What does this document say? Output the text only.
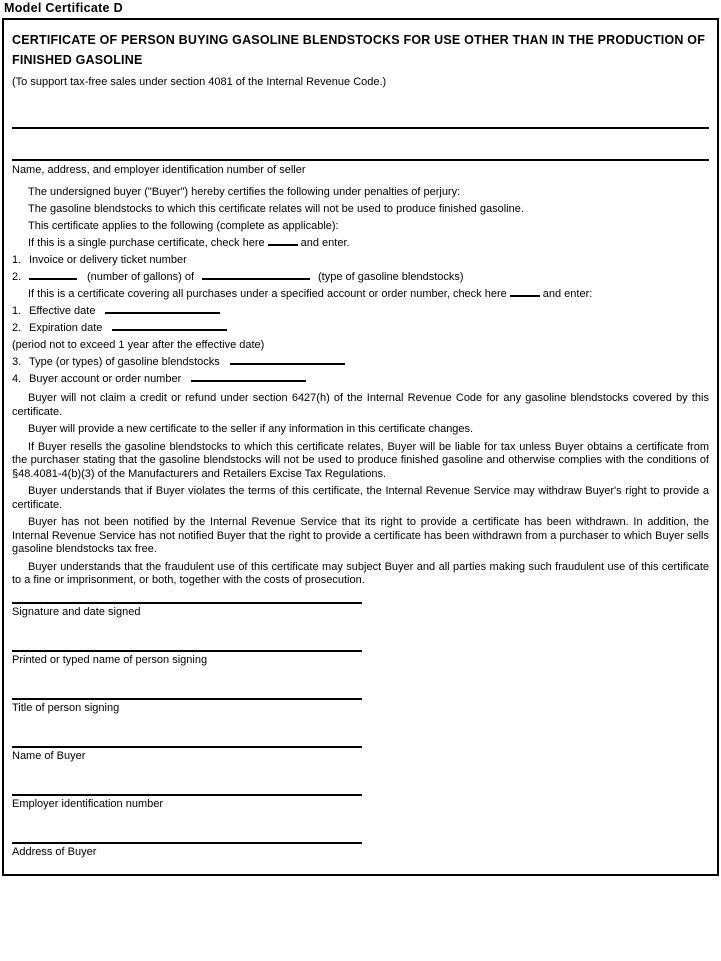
Model Certificate D
CERTIFICATE OF PERSON BUYING GASOLINE BLENDSTOCKS FOR USE OTHER THAN IN THE PRODUCTION OF
FINISHED GASOLINE
(To support tax-free sales under section 4081 of the Internal Revenue Code.)
Name, address, and employer identification number of seller
The undersigned buyer ("Buyer") hereby certifies the following under penalties of perjury:
The gasoline blendstocks to which this certificate relates will not be used to produce finished gasoline.
This certificate applies to the following (complete as applicable):
If this is a single purchase certificate, check here	and enter.
1. Invoice or delivery ticket number
2.	(number of gallons) of	(type of gasoline blendstocks)
If this is a certificate covering all purchases under a specified account or order number, check here	and enter:
1. Effective date
2. Expiration date
(period not to exceed 1 year after the effective date)
3. Type (or types) of gasoline blendstocks
4. Buyer account or order number
Buyer will not claim a credit or refund under section 6427(h) of the Internal Revenue Code for any gasoline blendstocks covered by this certificate.
Buyer will provide a new certificate to the seller if any information in this certificate changes.
If Buyer resells the gasoline blendstocks to which this certificate relates, Buyer will be liable for tax unless Buyer obtains a certificate from the purchaser stating that the gasoline blendstocks will not be used to produce finished gasoline and otherwise complies with the conditions of §48.4081-4(b)(3) of the Manufacturers and Retailers Excise Tax Regulations.
Buyer understands that if Buyer violates the terms of this certificate, the Internal Revenue Service may withdraw Buyer's right to provide a certificate.
Buyer has not been notified by the Internal Revenue Service that its right to provide a certificate has been withdrawn. In addition, the Internal Revenue Service has not notified Buyer that the right to provide a certificate has been withdrawn from a purchaser to which Buyer sells gasoline blendstocks tax free.
Buyer understands that the fraudulent use of this certificate may subject Buyer and all parties making such fraudulent use of this certificate to a fine or imprisonment, or both, together with the costs of prosecution.
Signature and date signed
Printed or typed name of person signing
Title of person signing
Name of Buyer
Employer identification number
Address of Buyer
